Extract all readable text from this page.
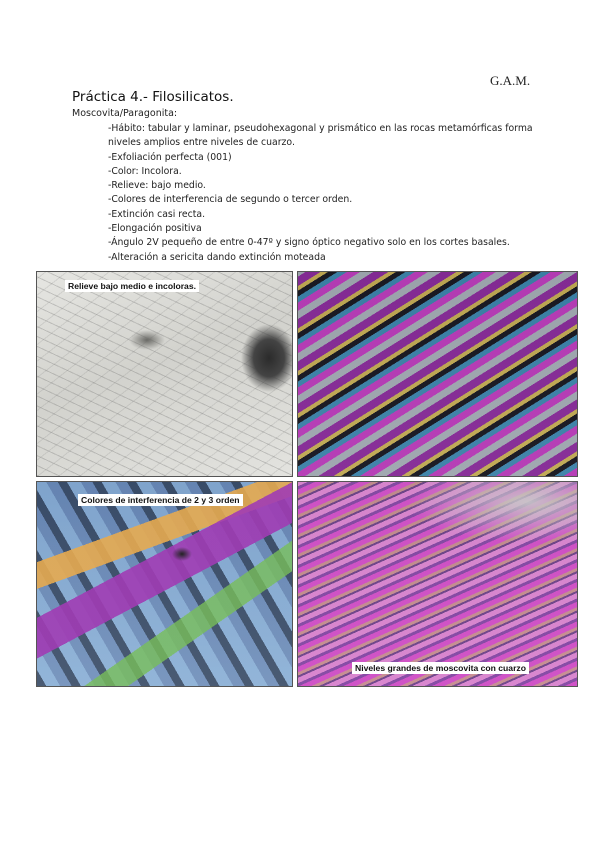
G.A.M.
Práctica 4.- Filosilicatos.
Moscovita/Paragonita:
-Hábito: tabular y laminar, pseudohexagonal y prismático en las rocas metamórficas forma
niveles amplios entre niveles de cuarzo.
-Exfoliación perfecta (001)
-Color: Incolora.
-Relieve: bajo medio.
-Colores de interferencia de segundo o tercer orden.
-Extinción casi recta.
-Elongación positiva
-Ángulo 2V pequeño de entre 0-47º y signo óptico negativo solo en los cortes basales.
-Alteración a sericita dando extinción moteada
Relieve bajo medio e incoloras.
Colores de interferencia de 2 y 3 orden
Niveles grandes de moscovita con cuarzo
